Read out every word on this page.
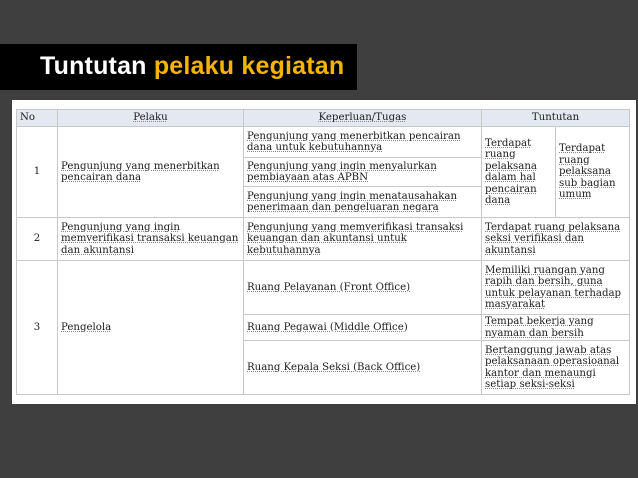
Tuntutan pelaku kegiatan
No	Pelaku	Keperluan/Tugas	Tuntutan	
1	Pengunjung yang menerbitkan pencairan dana	Pengunjung yang menerbitkan pencairan dana untuk kebutuhannya	Terdapat ruang pelaksana dalam hal pencairan dana	Terdapat ruang pelaksana sub bagian umum
		Pengunjung yang ingin menyalurkan pembiayaan atas APBN		
		Pengunjung yang ingin menatausahakan penerimaan dan pengeluaran negara		
2	Pengunjung yang ingin memverifikasi transaksi keuangan dan akuntansi	Pengunjung yang memverifikasi transaksi keuangan dan akuntansi untuk kebutuhannya	Terdapat ruang pelaksana seksi verifikasi dan akuntansi	
3	Pengelola	Ruang Pelayanan (Front Office)	Memiliki ruangan yang rapih dan bersih, guna untuk pelayanan terhadap masyarakat	
		Ruang Pegawai (Middle Office)	Tempat bekerja yang nyaman dan bersih	
		Ruang Kepala Seksi (Back Office)	Bertanggung jawab atas pelaksanaan operasioanal kantor dan menaungi setiap seksi-seksi	
